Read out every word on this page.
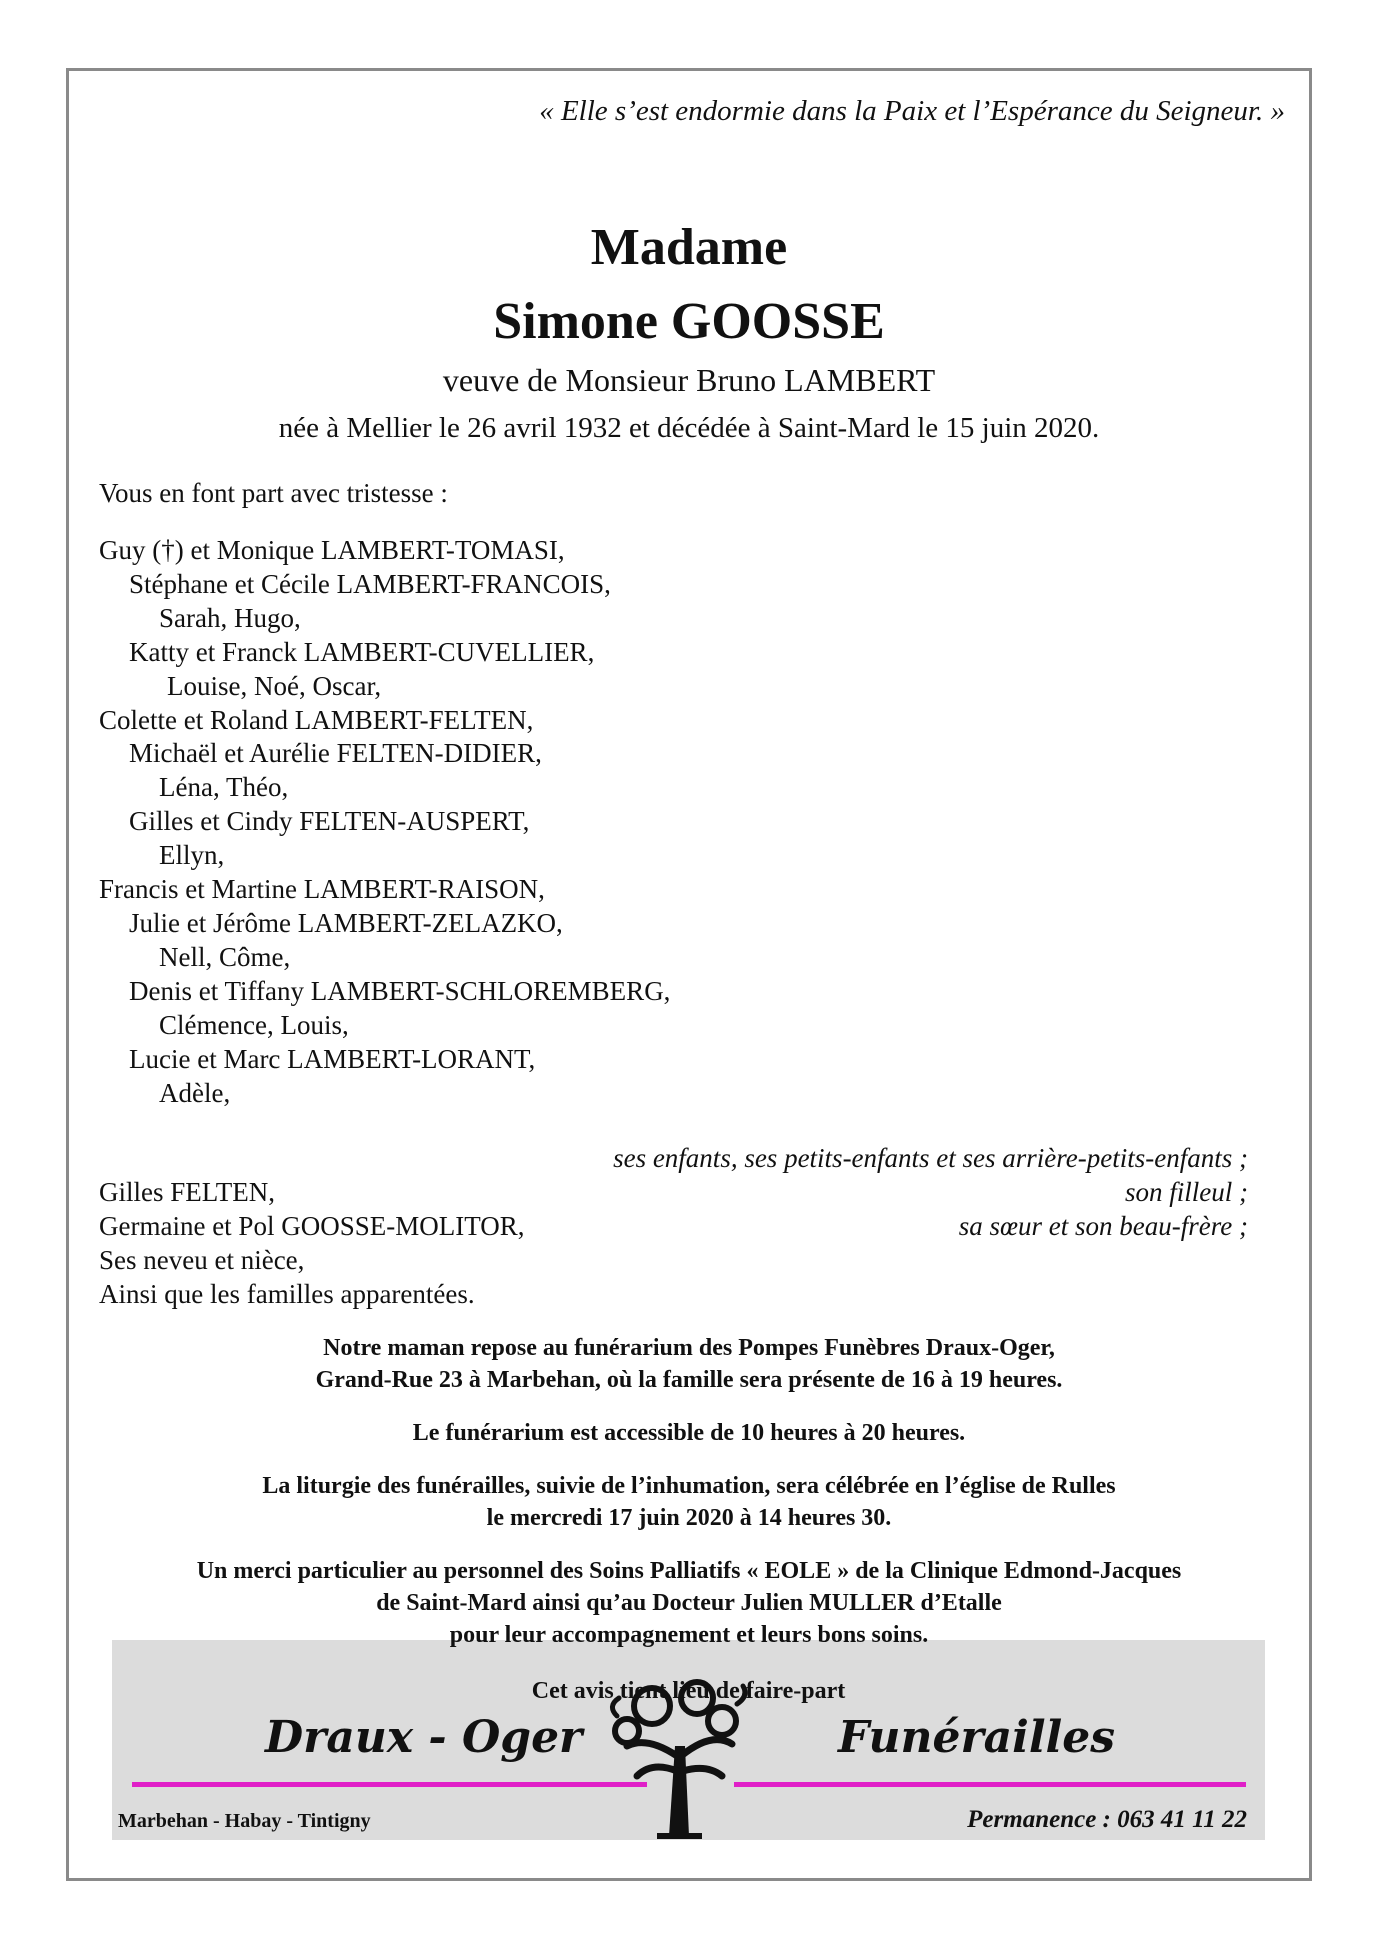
« Elle s’est endormie dans la Paix et l’Espérance du Seigneur. »

Madame
Simone GOOSSE

veuve de Monsieur Bruno LAMBERT

née à Mellier le 26 avril 1932 et décédée à Saint-Mard le 15 juin 2020.

Vous en font part avec tristesse :

Guy (†) et Monique LAMBERT-TOMASI,
Stéphane et Cécile LAMBERT-FRANCOIS,
Sarah, Hugo,
Katty et Franck LAMBERT-CUVELLIER,
Louise, Noé, Oscar,
Colette et Roland LAMBERT-FELTEN,
Michaël et Aurélie FELTEN-DIDIER,
Léna, Théo,
Gilles et Cindy FELTEN-AUSPERT,
Ellyn,
Francis et Martine LAMBERT-RAISON,
Julie et Jérôme LAMBERT-ZELAZKO,
Nell, Côme,
Denis et Tiffany LAMBERT-SCHLOREMBERG,
Clémence, Louis,
Lucie et Marc LAMBERT-LORANT,
Adèle,

ses enfants, ses petits-enfants et ses arrière-petits-enfants ;

Gilles FELTEN,	son filleul ;

Germaine et Pol GOOSSE-MOLITOR,	sa sœur et son beau-frère ;

Ses neveu et nièce,

Ainsi que les familles apparentées.

Notre maman repose au funérarium des Pompes Funèbres Draux-Oger,

Grand-Rue 23 à Marbehan, où la famille sera présente de 16 à 19 heures.

Le funérarium est accessible de 10 heures à 20 heures.

La liturgie des funérailles, suivie de l’inhumation, sera célébrée en l’église de Rulles

le mercredi 17 juin 2020 à 14 heures 30.

Un merci particulier au personnel des Soins Palliatifs « EOLE » de la Clinique Edmond-Jacques

de Saint-Mard ainsi qu’au Docteur Julien MULLER d’Etalle

pour leur accompagnement et leurs bons soins.

Cet avis tient lieu de faire-part

Draux - Oger	Funérailles

Marbehan - Habay - Tintigny	Permanence : 063 41 11 22
